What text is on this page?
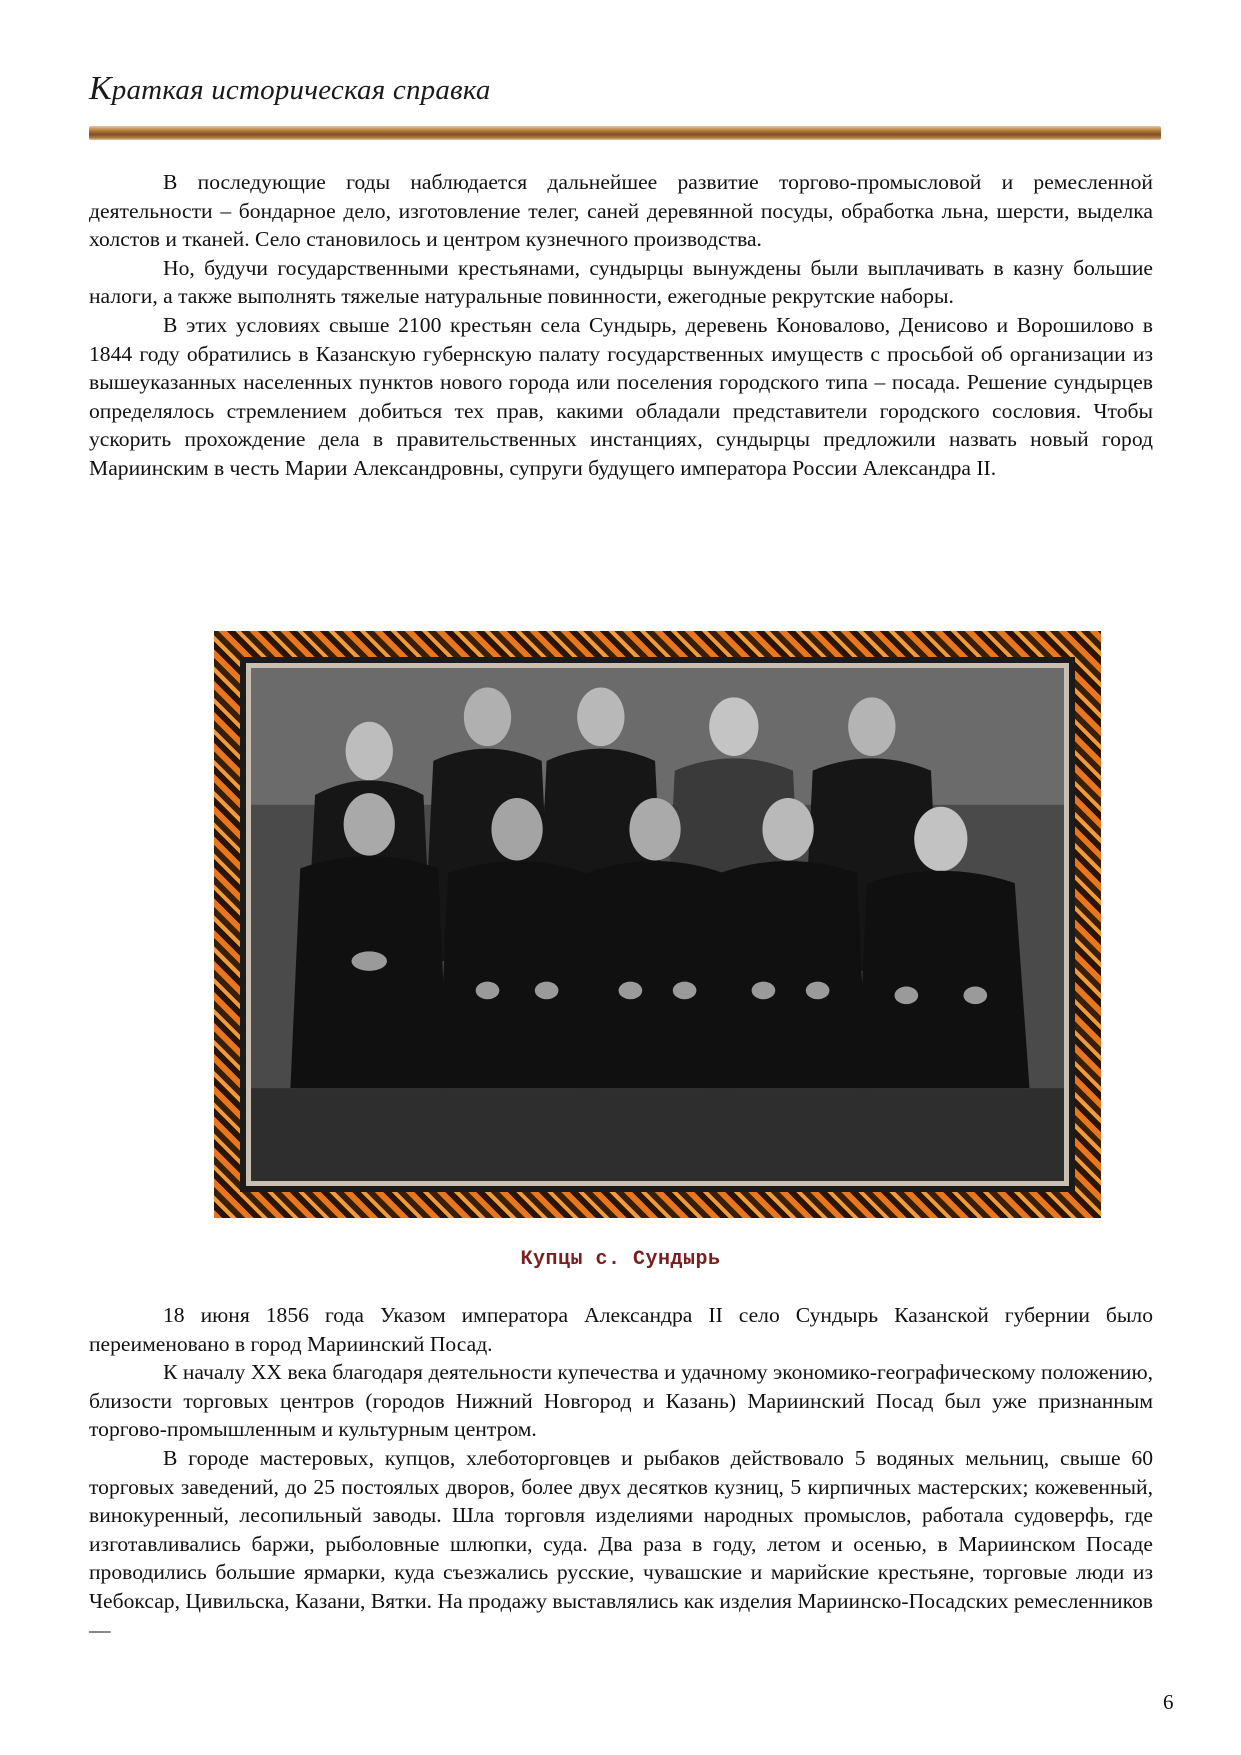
Краткая историческая справка

В последующие годы наблюдается дальнейшее развитие торгово-промысловой и ремесленной деятельности – бондарное дело, изготовление телег, саней деревянной посуды, обработка льна, шерсти, выделка холстов и тканей. Село становилось и центром кузнечного производства.

Но, будучи государственными крестьянами, сундырцы вынуждены были выплачивать в казну большие налоги, а также выполнять тяжелые натуральные повинности, ежегодные рекрутские наборы.

В этих условиях свыше 2100 крестьян села Сундырь, деревень Коновалово, Денисово и Ворошилово в 1844 году обратились в Казанскую губернскую палату государственных имуществ с просьбой об организации из вышеуказанных населенных пунктов нового города или поселения городского типа – посада. Решение сундырцев определялось стремлением добиться тех прав, какими обладали представители городского сословия. Чтобы ускорить прохождение дела в правительственных инстанциях, сундырцы предложили назвать новый город Мариинским в честь Марии Александровны, супруги будущего императора России Александра II.

Купцы с. Сундырь

18 июня 1856 года Указом императора Александра II село Сундырь Казанской губернии было переименовано в город Мариинский Посад.

К началу XX века благодаря деятельности купечества и удачному экономико-географическому положению, близости торговых центров (городов Нижний Новгород и Казань) Мариинский Посад был уже признанным торгово-промышленным и культурным центром.

В городе мастеровых, купцов, хлеботорговцев и рыбаков действовало 5 водяных мельниц, свыше 60 торговых заведений, до 25 постоялых дворов, более двух десятков кузниц, 5 кирпичных мастерских; кожевенный, винокуренный, лесопильный заводы. Шла торговля изделиями народных промыслов, работала судоверфь, где изготавливались баржи, рыболовные шлюпки, суда. Два раза в году, летом и осенью, в Мариинском Посаде проводились большие ярмарки, куда съезжались русские, чувашские и марийские крестьяне, торговые люди из Чебоксар, Цивильска, Казани, Вятки. На продажу выставлялись как изделия Мариинско-Посадских ремесленников —

6
